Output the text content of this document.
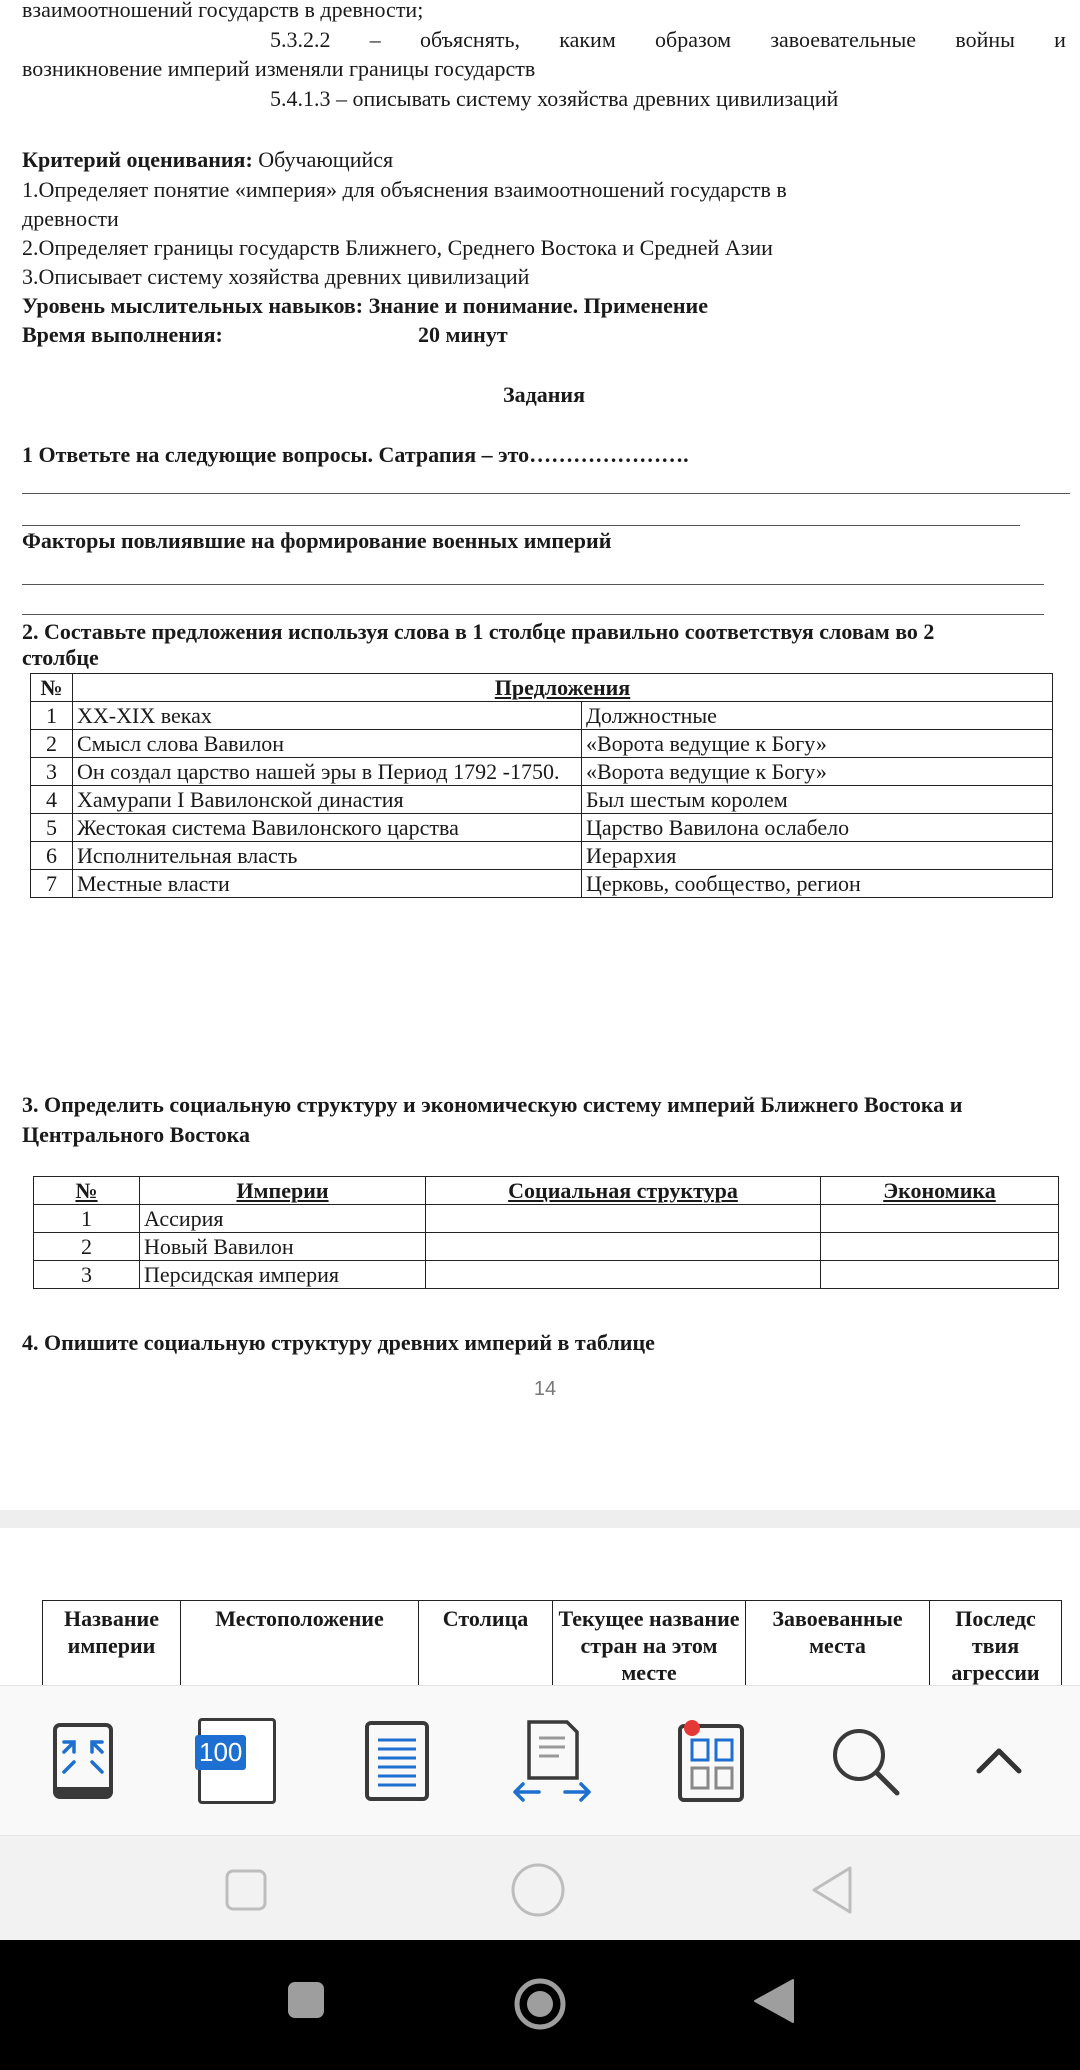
взаимоотношений государств в древности;
5.3.2.2 – объяснять, каким образом завоевательные войны и
возникновение империй изменяли границы государств
5.4.1.3 – описывать систему хозяйства древних цивилизаций
Критерий оценивания: Обучающийся
1.Определяет понятие «империя» для объяснения взаимоотношений государств в
древности
2.Определяет границы государств Ближнего, Среднего Востока и Средней Азии
3.Описывает систему хозяйства древних цивилизаций
Уровень мыслительных навыков: Знание и понимание. Применение
Время выполнения:	20 минут
Задания
1 Ответьте на следующие вопросы. Сатрапия – это………………….
Факторы повлиявшие на формирование военных империй
2. Составьте предложения используя слова в 1 столбце правильно соответствуя словам во 2
столбце
№	Предложения	
1	XX-XIX веках	Должностные
2	Смысл слова Вавилон	«Ворота ведущие к Богу»
3	Он создал царство нашей эры в Период 1792 -1750.	«Ворота ведущие к Богу»
4	Хамурапи I Вавилонской династия	Был шестым королем
5	Жестокая система Вавилонского царства	Царство Вавилона ослабело
6	Исполнительная власть	Иерархия
7	Местные власти	Церковь, сообщество, регион
3. Определить социальную структуру и экономическую систему империй Ближнего Востока и
Центрального Востока
№	Империи	Социальная структура	Экономика
1	Ассирия		
2	Новый Вавилон		
3	Персидская империя		
4. Опишите социальную структуру древних империй в таблице
14
Название империи	Местоположение	Столица	Текущее название стран на этом месте	Завоеванные места	Последс твия агрессии
100
